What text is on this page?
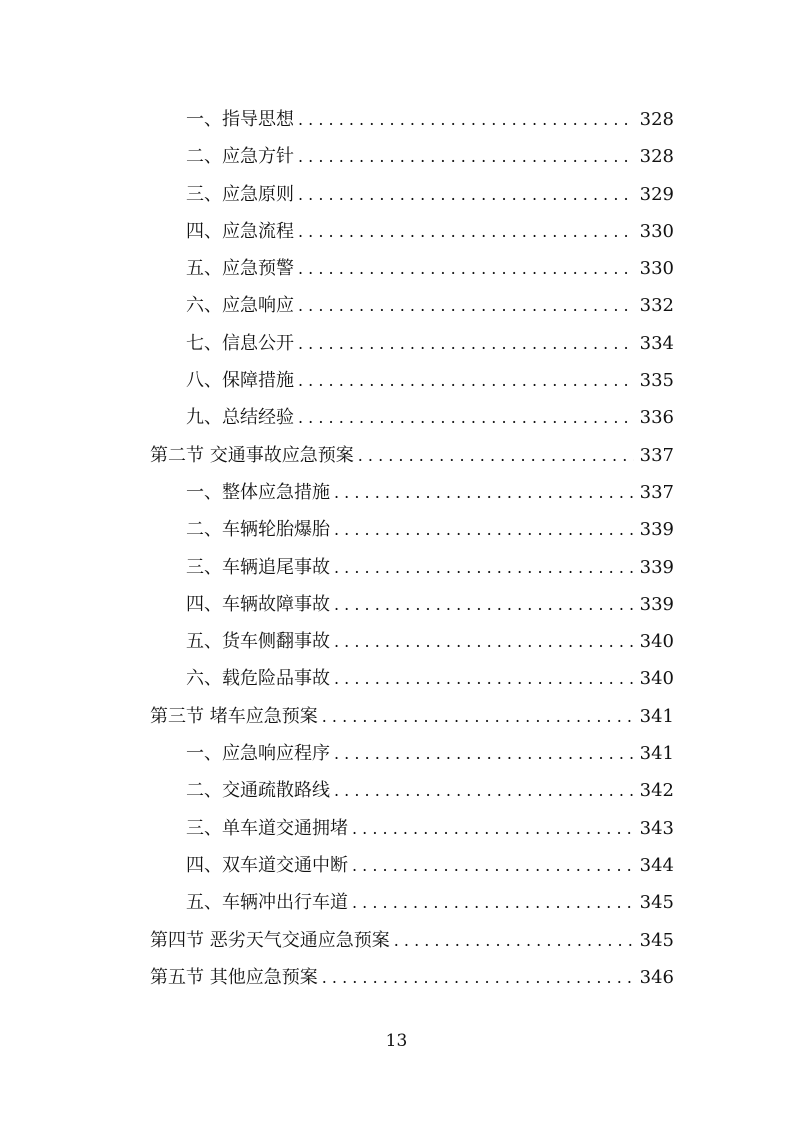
一、指导思想 . . .	328
二、应急方针 . . .	328
三、应急原则 . . .	329
四、应急流程 . . .	330
五、应急预警 . . .	330
六、应急响应 . . .	332
七、信息公开 . . .	334
八、保障措施 . . .	335
九、总结经验 . . .	336
第二节 交通事故应急预案 . . .	337
一、整体应急措施 . . .	337
二、车辆轮胎爆胎 . . .	339
三、车辆追尾事故 . . .	339
四、车辆故障事故 . . .	339
五、货车侧翻事故 . . .	340
六、载危险品事故 . . .	340
第三节 堵车应急预案 . . .	341
一、应急响应程序 . . .	341
二、交通疏散路线 . . .	342
三、单车道交通拥堵 . . .	343
四、双车道交通中断 . . .	344
五、车辆冲出行车道 . . .	345
第四节 恶劣天气交通应急预案 . . .	345
第五节 其他应急预案 . . .	346
13
